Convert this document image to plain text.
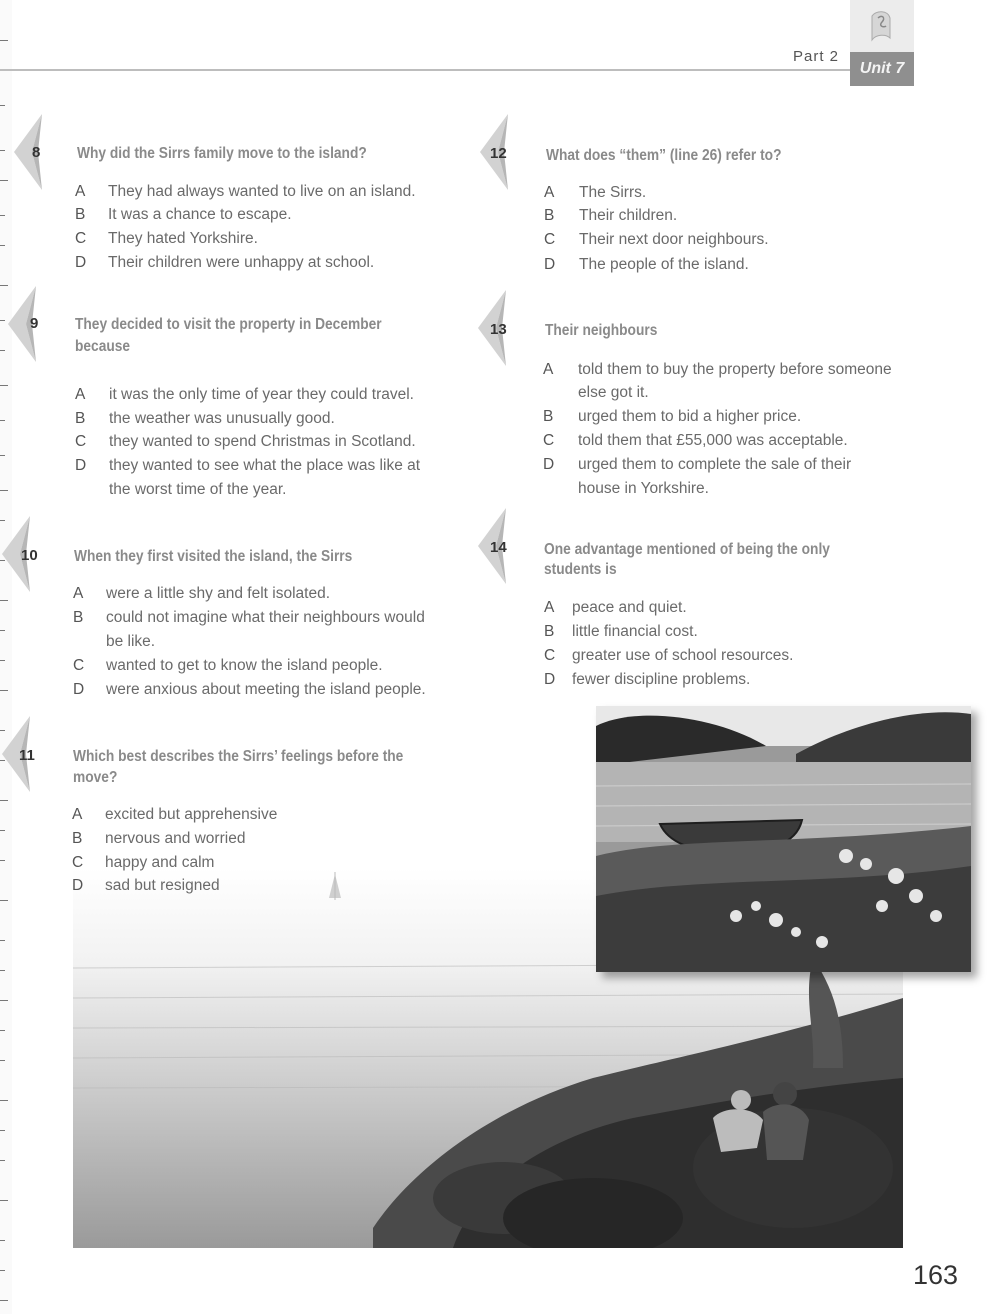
Part 2
Unit 7
8 Why did the Sirrs family move to the island?
A They had always wanted to live on an island.
B It was a chance to escape.
C They hated Yorkshire.
D Their children were unhappy at school.
9 They decided to visit the property in December
because
A it was the only time of year they could travel.
B the weather was unusually good.
C they wanted to spend Christmas in Scotland.
D they wanted to see what the place was like at
the worst time of the year.
10 When they first visited the island, the Sirrs
A were a little shy and felt isolated.
B could not imagine what their neighbours would
be like.
C wanted to get to know the island people.
D were anxious about meeting the island people.
11 Which best describes the Sirrs’ feelings before the
move?
A excited but apprehensive
B nervous and worried
C happy and calm
D sad but resigned
12 What does “them” (line 26) refer to?
A The Sirrs.
B Their children.
C Their next door neighbours.
D The people of the island.
13 Their neighbours
A told them to buy the property before someone
else got it.
B urged them to bid a higher price.
C told them that £55,000 was acceptable.
D urged them to complete the sale of their
house in Yorkshire.
14 One advantage mentioned of being the only
students is
A peace and quiet.
B little financial cost.
C greater use of school resources.
D fewer discipline problems.
163
